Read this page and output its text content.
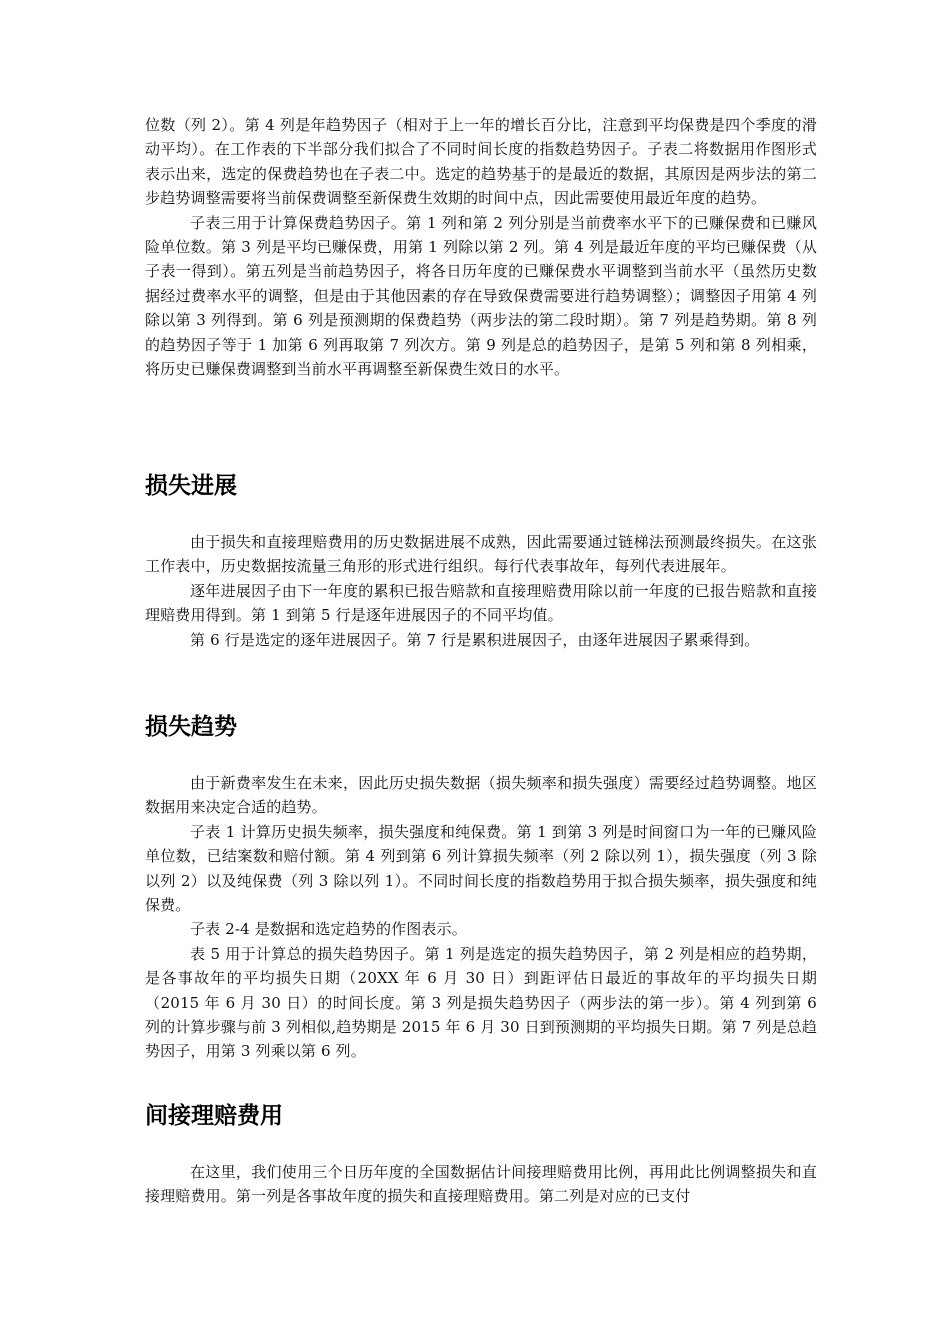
位数（列 2）。第 4 列是年趋势因子（相对于上一年的增长百分比，注意到平均保费是四个季度的滑动平均）。在工作表的下半部分我们拟合了不同时间长度的指数趋势因子。子表二将数据用作图形式表示出来，选定的保费趋势也在子表二中。选定的趋势基于的是最近的数据，其原因是两步法的第二步趋势调整需要将当前保费调整至新保费生效期的时间中点，因此需要使用最近年度的趋势。

子表三用于计算保费趋势因子。第 1 列和第 2 列分别是当前费率水平下的已赚保费和已赚风险单位数。第 3 列是平均已赚保费，用第 1 列除以第 2 列。第 4 列是最近年度的平均已赚保费（从子表一得到）。第五列是当前趋势因子，将各日历年度的已赚保费水平调整到当前水平（虽然历史数据经过费率水平的调整，但是由于其他因素的存在导致保费需要进行趋势调整）；调整因子用第 4 列除以第 3 列得到。第 6 列是预测期的保费趋势（两步法的第二段时期）。第 7 列是趋势期。第 8 列的趋势因子等于 1 加第 6 列再取第 7 列次方。第 9 列是总的趋势因子，是第 5 列和第 8 列相乘，将历史已赚保费调整到当前水平再调整至新保费生效日的水平。

损失进展

由于损失和直接理赔费用的历史数据进展不成熟，因此需要通过链梯法预测最终损失。在这张工作表中，历史数据按流量三角形的形式进行组织。每行代表事故年，每列代表进展年。

逐年进展因子由下一年度的累积已报告赔款和直接理赔费用除以前一年度的已报告赔款和直接理赔费用得到。第 1 到第 5 行是逐年进展因子的不同平均值。

第 6 行是选定的逐年进展因子。第 7 行是累积进展因子，由逐年进展因子累乘得到。

损失趋势

由于新费率发生在未来，因此历史损失数据（损失频率和损失强度）需要经过趋势调整。地区数据用来决定合适的趋势。

子表 1 计算历史损失频率，损失强度和纯保费。第 1 到第 3 列是时间窗口为一年的已赚风险单位数，已结案数和赔付额。第 4 列到第 6 列计算损失频率（列 2 除以列 1），损失强度（列 3 除以列 2）以及纯保费（列 3 除以列 1）。不同时间长度的指数趋势用于拟合损失频率，损失强度和纯保费。

子表 2-4 是数据和选定趋势的作图表示。

表 5 用于计算总的损失趋势因子。第 1 列是选定的损失趋势因子，第 2 列是相应的趋势期，是各事故年的平均损失日期（20XX 年 6 月 30 日）到距评估日最近的事故年的平均损失日期（2015 年 6 月 30 日）的时间长度。第 3 列是损失趋势因子（两步法的第一步）。第 4 列到第 6 列的计算步骤与前 3 列相似,趋势期是 2015 年 6 月 30 日到预测期的平均损失日期。第 7 列是总趋势因子，用第 3 列乘以第 6 列。

间接理赔费用

在这里，我们使用三个日历年度的全国数据估计间接理赔费用比例，再用此比例调整损失和直接理赔费用。第一列是各事故年度的损失和直接理赔费用。第二列是对应的已支付
